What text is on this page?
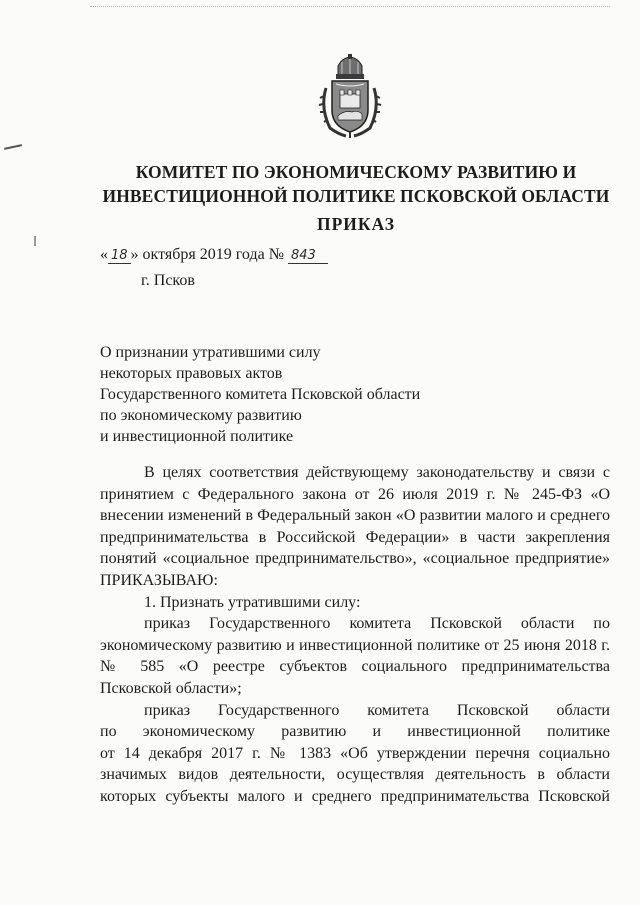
КОМИТЕТ ПО ЭКОНОМИЧЕСКОМУ РАЗВИТИЮ И
ИНВЕСТИЦИОННОЙ ПОЛИТИКЕ ПСКОВСКОЙ ОБЛАСТИ
ПРИКАЗ
« 18 » октября 2019 года № 843
г. Псков
О признании утратившими силу
некоторых правовых актов
Государственного комитета Псковской области
по экономическому развитию
и инвестиционной политике

В целях соответствия действующему законодательству и связи с принятием с Федерального закона от 26 июля 2019 г. № 245-ФЗ «О внесении изменений в Федеральный закон «О развитии малого и среднего предпринимательства в Российской Федерации» в части закрепления понятий «социальное предпринимательство», «социальное предприятие» ПРИКАЗЫВАЮ:

1. Признать утратившими силу:

приказ Государственного комитета Псковской области по экономическому развитию и инвестиционной политике от 25 июня 2018 г. № 585 «О реестре субъектов социального предпринимательства Псковской области»;

приказ Государственного комитета Псковской области

по экономическому развитию и инвестиционной политике

от 14 декабря 2017 г. № 1383 «Об утверждении перечня социально

значимых видов деятельности, осуществляя деятельность в области

которых субъекты малого и среднего предпринимательства Псковской
